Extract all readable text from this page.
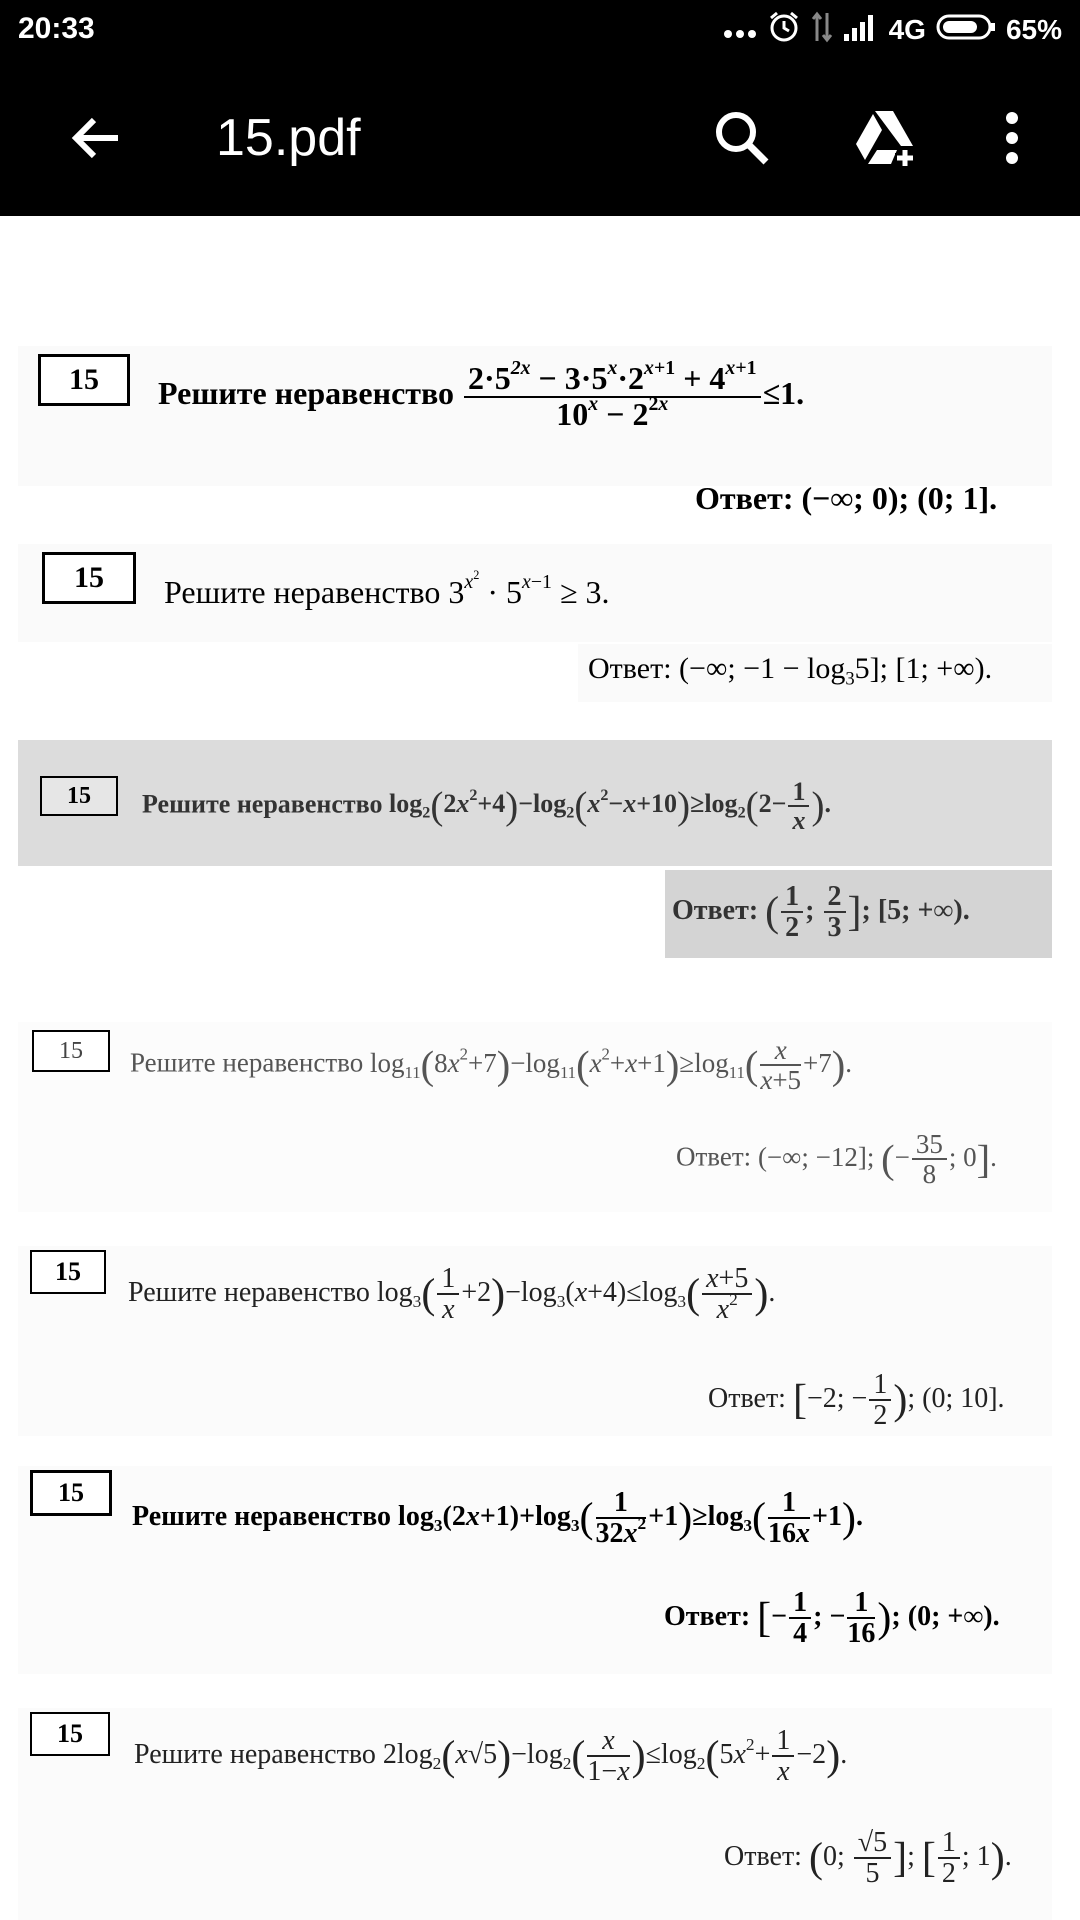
20:33	4G	65%
15.pdf
15	Решите неравенство $\frac{2\cdot 5^{2x} - 3\cdot 5^x\cdot 2^{x+1} + 4^{x+1}}{10^x - 2^{2x}} \le 1$.
Ответ: (−∞; 0); (0; 1].
15	Решите неравенство $3^{x^2} \cdot 5^{x-1} \ge 3$.
Ответ: (−∞; $-1 - \log_35$]; [1; +∞).
15	Решите неравенство $\log_2(2x^2+4)-\log_2(x^2-x+10)\ge\log_2(2- \frac{1}{x}$ ).
Ответ: ( $\frac{1}{2}$ ; $\frac{2}{3}$ ]; [5; +∞).
15	Решите неравенство $\log_{11}(8x^2+7)-\log_{11}(x^2+x+1)\ge\log_{11}( \frac{x}{x+5} +7)$.
Ответ: (−∞; −12]; (− $\frac{35}{8}$ ; 0].
15
Решите неравенство $\log_3( \frac{1}{x} +2)-\log_3(x+4)\le\log_3( \frac{x+5}{x^2}$ ).
Ответ: [−2; − $\frac{1}{2}$ ); (0; 10].
15
Решите неравенство $\log_3(2x+1)+\log_3( \frac{1}{32x^2} +1)\ge\log_3( \frac{1}{16x} +1)$.
Ответ: [− $\frac{1}{4}$ ; − $\frac{1}{16}$ ); (0; +∞).
15
Решите неравенство $2\log_2(x√5)-\log_2( \frac{x}{1-x} )\le\log_2(5x^2+ \frac{1}{x} -2)$.
Ответ: (0; $\frac{√5}{5}$ ]; [ $\frac{1}{2}$ ; 1).
